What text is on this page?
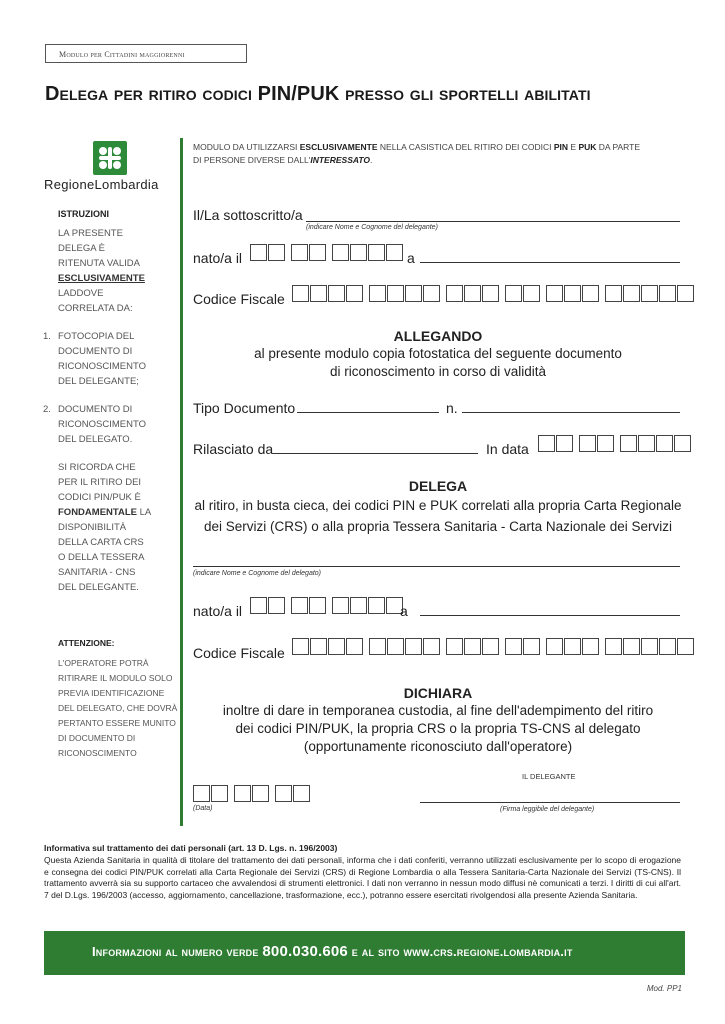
Modulo per Cittadini maggiorenni
Delega per ritiro codici PIN/PUK presso gli sportelli abilitati
RegioneLombardia
MODULO DA UTILIZZARSI ESCLUSIVAMENTE NELLA CASISTICA DEL RITIRO DEI CODICI PIN E PUK DA PARTE
DI PERSONE DIVERSE DALL'INTERESSATO.
ISTRUZIONI
LA PRESENTE
DELEGA È
RITENUTA VALIDA
ESCLUSIVAMENTE
LADDOVE
CORRELATA DA:
1. FOTOCOPIA DEL
DOCUMENTO DI
RICONOSCIMENTO
DEL DELEGANTE;
2. DOCUMENTO DI
RICONOSCIMENTO
DEL DELEGATO.
SI RICORDA CHE
PER IL RITIRO DEI
CODICI PIN/PUK È
FONDAMENTALE LA
DISPONIBILITÀ
DELLA CARTA CRS
O DELLA TESSERA
SANITARIA - CNS
DEL DELEGANTE.
ATTENZIONE:
L'OPERATORE POTRÀ
RITIRARE IL MODULO SOLO
PREVIA IDENTIFICAZIONE
DEL DELEGATO, CHE DOVRÀ
PERTANTO ESSERE MUNITO
DI DOCUMENTO DI
RICONOSCIMENTO
Il/La sottoscritto/a
(indicare Nome e Cognome del delegante)
nato/a il	a
Codice Fiscale
ALLEGANDO
al presente modulo copia fotostatica del seguente documento
di riconoscimento in corso di validità
Tipo Documento	n.
Rilasciato da	In data
DELEGA
al ritiro, in busta cieca, dei codici PIN e PUK correlati alla propria Carta Regionale
dei Servizi (CRS) o alla propria Tessera Sanitaria - Carta Nazionale dei Servizi
(indicare Nome e Cognome del delegato)
nato/a il	a
Codice Fiscale
DICHIARA
inoltre di dare in temporanea custodia, al fine dell'adempimento del ritiro
dei codici PIN/PUK, la propria CRS o la propria TS-CNS al delegato
(opportunamente riconosciuto dall'operatore)
IL DELEGANTE
(Data)	(Firma leggibile del delegante)
Informativa sul trattamento dei dati personali (art. 13 D. Lgs. n. 196/2003)
Questa Azienda Sanitaria in qualità di titolare del trattamento dei dati personali, informa che i dati conferiti, verranno utilizzati esclusivamente per lo scopo di erogazione e consegna dei codici PIN/PUK correlati alla Carta Regionale dei Servizi (CRS) di Regione Lombardia o alla Tessera Sanitaria-Carta Nazionale dei Servizi (TS-CNS). Il trattamento avverrà sia su supporto cartaceo che avvalendosi di strumenti elettronici. I dati non verranno in nessun modo diffusi nè comunicati a terzi. I diritti di cui all'art. 7 del D.Lgs. 196/2003 (accesso, aggiornamento, cancellazione, trasformazione, ecc.), potranno essere esercitati rivolgendosi alla presente Azienda Sanitaria.
Informazioni al numero verde 800.030.606 e al sito www.crs.regione.lombardia.it
Mod. PP1
